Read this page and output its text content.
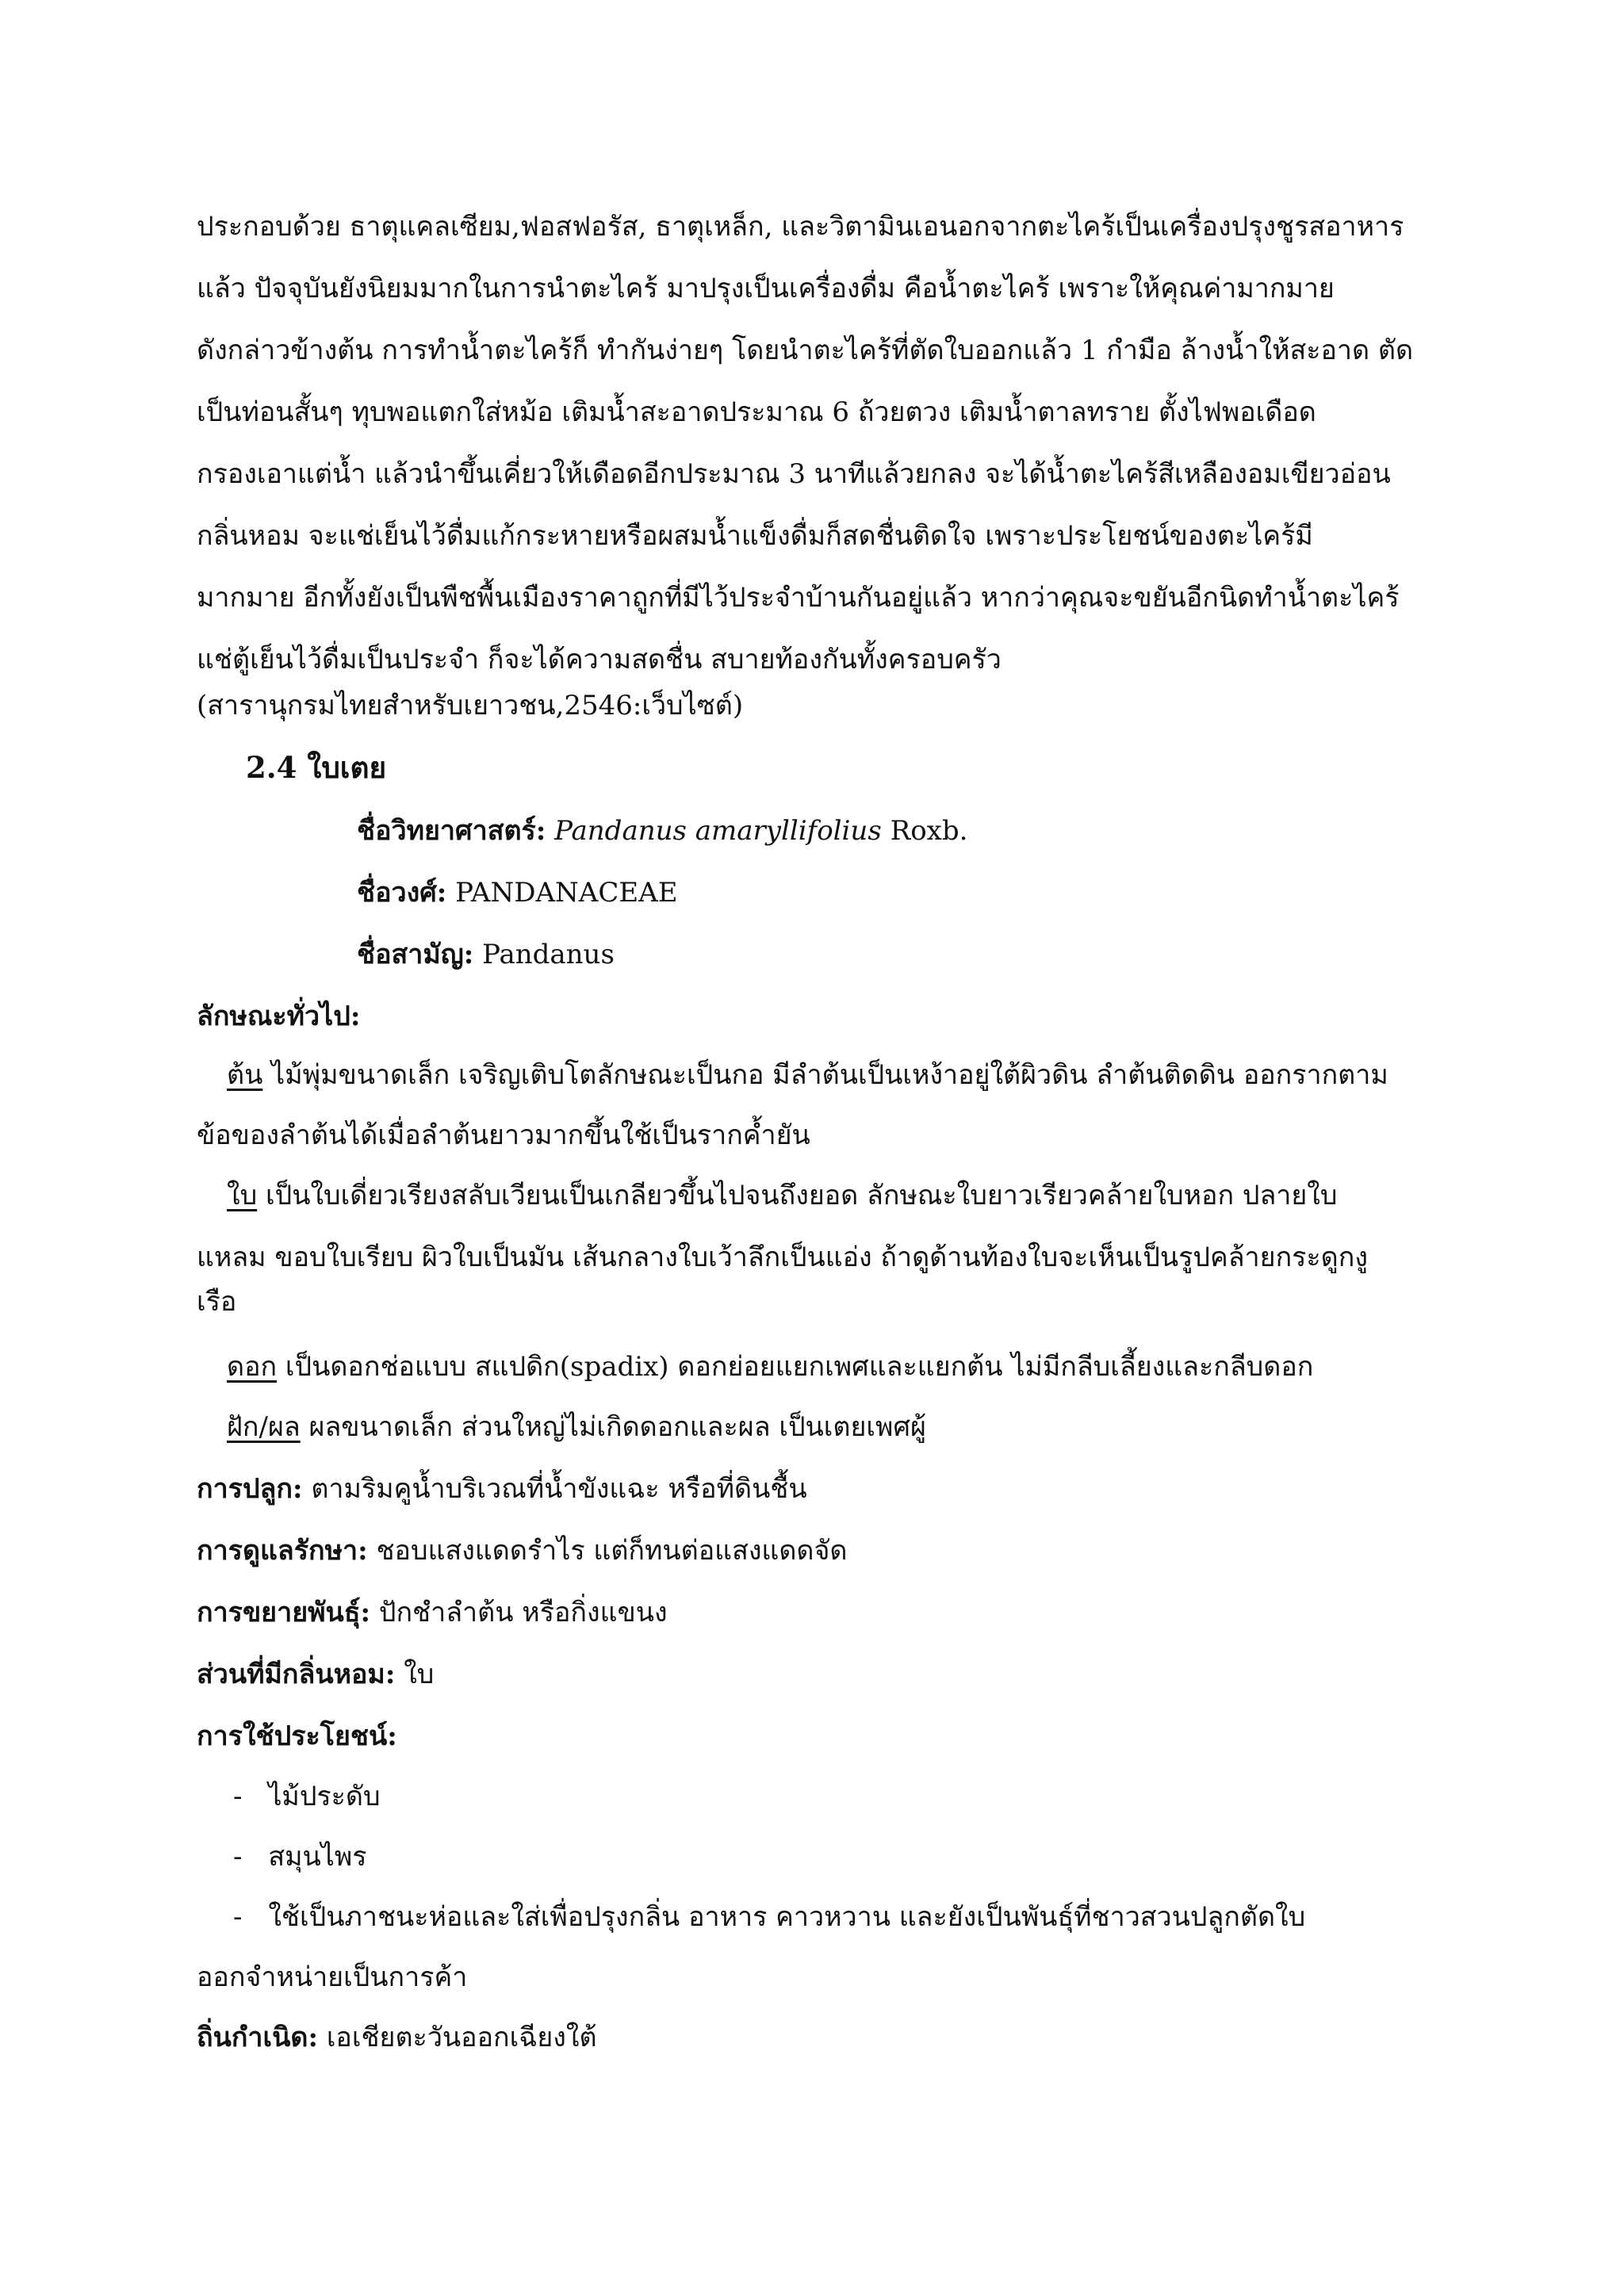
ประกอบด้วย ธาตุแคลเซียม,ฟอสฟอรัส, ธาตุเหล็ก, และวิตามินเอนอกจากตะไคร้เป็นเครื่องปรุงชูรสอาหาร
แล้ว ปัจจุบันยังนิยมมากในการนำตะไคร้ มาปรุงเป็นเครื่องดื่ม คือน้ำตะไคร้ เพราะให้คุณค่ามากมาย
ดังกล่าวข้างต้น การทำน้ำตะไคร้ก็ ทำกันง่ายๆ โดยนำตะไคร้ที่ตัดใบออกแล้ว 1 กำมือ ล้างน้ำให้สะอาด ตัด
เป็นท่อนสั้นๆ ทุบพอแตกใส่หม้อ เติมน้ำสะอาดประมาณ 6 ถ้วยตวง เติมน้ำตาลทราย ตั้งไฟพอเดือด
กรองเอาแต่น้ำ แล้วนำขึ้นเคี่ยวให้เดือดอีกประมาณ 3 นาทีแล้วยกลง จะได้น้ำตะไคร้สีเหลืองอมเขียวอ่อน
กลิ่นหอม จะแช่เย็นไว้ดื่มแก้กระหายหรือผสมน้ำแข็งดื่มก็สดชื่นติดใจ เพราะประโยชน์ของตะไคร้มี
มากมาย อีกทั้งยังเป็นพืชพื้นเมืองราคาถูกที่มีไว้ประจำบ้านกันอยู่แล้ว หากว่าคุณจะขยันอีกนิดทำน้ำตะไคร้
แช่ตู้เย็นไว้ดื่มเป็นประจำ ก็จะได้ความสดชื่น สบายท้องกันทั้งครอบครัว
(สารานุกรมไทยสำหรับเยาวชน,2546:เว็บไซต์)
2.4 ใบเตย
ชื่อวิทยาศาสตร์: Pandanus amaryllifolius Roxb.
ชื่อวงศ์: PANDANACEAE
ชื่อสามัญ: Pandanus
ลักษณะทั่วไป:
ต้น ไม้พุ่มขนาดเล็ก เจริญเติบโตลักษณะเป็นกอ มีลำต้นเป็นเหง้าอยู่ใต้ผิวดิน ลำต้นติดดิน ออกรากตาม
ข้อของลำต้นได้เมื่อลำต้นยาวมากขึ้นใช้เป็นรากค้ำยัน
ใบ เป็นใบเดี่ยวเรียงสลับเวียนเป็นเกลียวขึ้นไปจนถึงยอด ลักษณะใบยาวเรียวคล้ายใบหอก ปลายใบ
แหลม ขอบใบเรียบ ผิวใบเป็นมัน เส้นกลางใบเว้าลึกเป็นแอ่ง ถ้าดูด้านท้องใบจะเห็นเป็นรูปคล้ายกระดูกงู
เรือ
ดอก เป็นดอกช่อแบบ สแปดิก(spadix) ดอกย่อยแยกเพศและแยกต้น ไม่มีกลีบเลี้ยงและกลีบดอก
ฝัก/ผล ผลขนาดเล็ก ส่วนใหญ่ไม่เกิดดอกและผล เป็นเตยเพศผู้
การปลูก: ตามริมคูน้ำบริเวณที่น้ำขังแฉะ หรือที่ดินชื้น
การดูแลรักษา: ชอบแสงแดดรำไร แต่ก็ทนต่อแสงแดดจัด
การขยายพันธุ์: ปักชำลำต้น หรือกิ่งแขนง
ส่วนที่มีกลิ่นหอม: ใบ
การใช้ประโยชน์:
- ไม้ประดับ
- สมุนไพร
- ใช้เป็นภาชนะห่อและใส่เพื่อปรุงกลิ่น อาหาร คาวหวาน และยังเป็นพันธุ์ที่ชาวสวนปลูกตัดใบ
ออกจำหน่ายเป็นการค้า
ถิ่นกำเนิด: เอเชียตะวันออกเฉียงใต้
